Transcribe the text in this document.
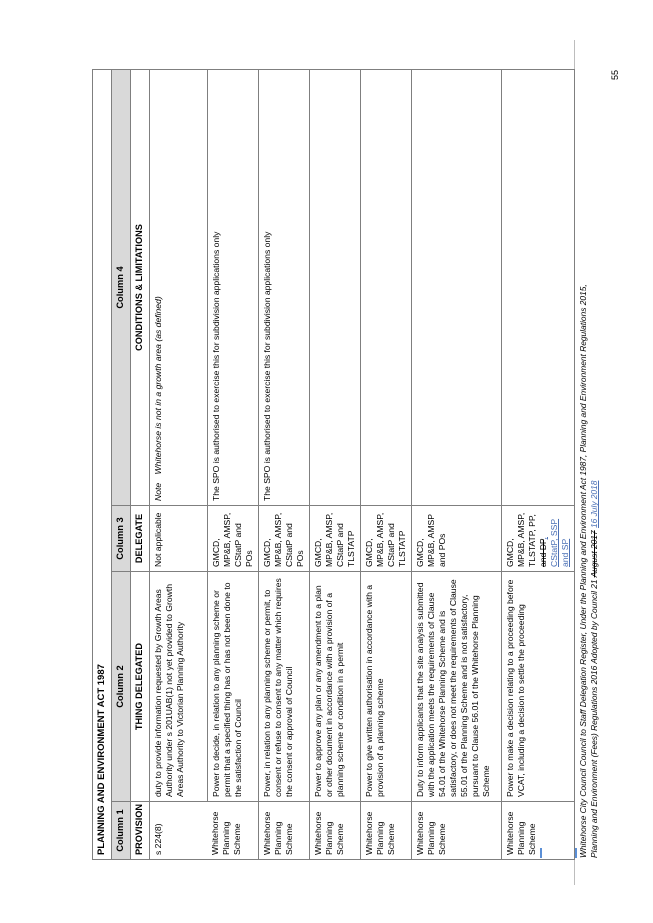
PLANNING AND ENVIRONMENT ACT 1987			
Column 1	Column 2	Column 3	Column 4
PROVISION	THING DELEGATED	DELEGATE	CONDITIONS & LIMITATIONS
s 224(8)	duty to provide information requested by Growth Areas Authority under s 201UAB(1) not yet provided to Growth Areas Authority to Victorian Planning Authority	Not applicable	Note Whitehorse is not in a growth area (as defined)
Whitehorse Planning Scheme	Power to decide, in relation to any planning scheme or permit that a specified thing has or has not been done to the satisfaction of Council	GMCD, MP&B, AMSP, CStatP and POs	The SPO is authorised to exercise this for subdivision applications only
Whitehorse Planning Scheme	Power, in relation to any planning scheme or permit, to consent or refuse to consent to any matter which requires the consent or approval of Council	GMCD, MP&B, AMSP, CStatP and POs	The SPO is authorised to exercise this for subdivision applications only
Whitehorse Planning Scheme	Power to approve any plan or any amendment to a plan or other document in accordance with a provision of a planning scheme or condition in a permit	GMCD, MP&B, AMSP, CStatP and TLSTATP	
Whitehorse Planning Scheme	Power to give written authorisation in accordance with a provision of a planning scheme	GMCD, MP&B, AMSP, CStatP and TLSTATP	
Whitehorse Planning Scheme	Duty to inform applicants that the site analysis submitted with the application meets the requirements of Clause 54.01 of the Whitehorse Planning Scheme and is satisfactory, or does not meet the requirements of Clause 55.01 of the Planning Scheme and is not satisfactory, pursuant to Clause 56.01 of the Whitehorse Planning Scheme	GMCD, MP&B, AMSP and POs	
Whitehorse Planning Scheme	Power to make a decision relating to a proceeding before VCAT, including a decision to settle the proceeding	GMCD, MP&B, AMSP, TLSTATP, PP, and DP, CStatP, SSP and SP	Whitehorse City Council Council to Staff Delegation Register, Under the Planning and Environment Act 1987, Planning and Environment Regulations 2015, Planning and Environment (Fees) Regulations 2016 Adopted by Council 21 August 2017 16 July 2018
55
